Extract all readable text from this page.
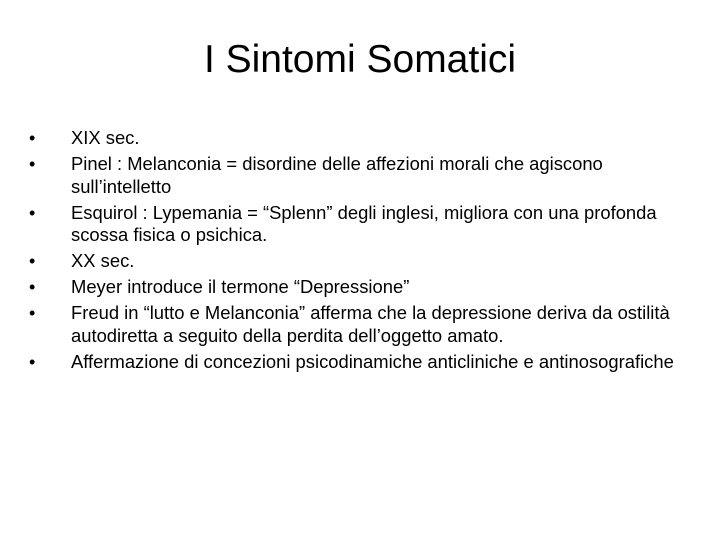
I Sintomi Somatici
•	XIX sec.
•	Pinel : Melanconia = disordine delle affezioni morali che agiscono sull’intelletto
•	Esquirol : Lypemania = “Splenn” degli inglesi, migliora con una profonda scossa fisica o psichica.
•	XX sec.
•	Meyer introduce il termone “Depressione”
•	Freud in “lutto e Melanconia” afferma che la depressione deriva da ostilità autodiretta a seguito della perdita dell’oggetto amato.
•	Affermazione di concezioni psicodinamiche anticliniche e antinosografiche
